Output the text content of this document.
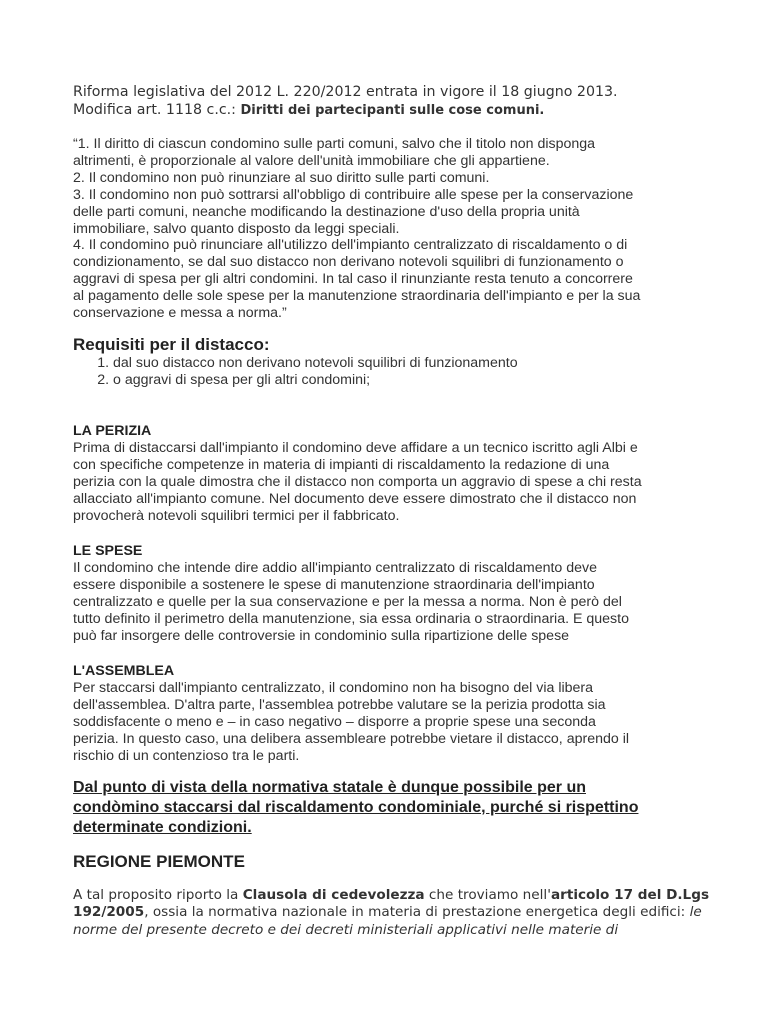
Riforma legislativa del 2012 L. 220/2012 entrata in vigore il 18 giugno 2013.
Modifica art. 1118 c.c.: Diritti dei partecipanti sulle cose comuni.
“1. Il diritto di ciascun condomino sulle parti comuni, salvo che il titolo non disponga
altrimenti, è proporzionale al valore dell'unità immobiliare che gli appartiene.
2. Il condomino non può rinunziare al suo diritto sulle parti comuni.
3. Il condomino non può sottrarsi all'obbligo di contribuire alle spese per la conservazione
delle parti comuni, neanche modificando la destinazione d'uso della propria unità
immobiliare, salvo quanto disposto da leggi speciali.
4. Il condomino può rinunciare all'utilizzo dell'impianto centralizzato di riscaldamento o di
condizionamento, se dal suo distacco non derivano notevoli squilibri di funzionamento o
aggravi di spesa per gli altri condomini. In tal caso il rinunziante resta tenuto a concorrere
al pagamento delle sole spese per la manutenzione straordinaria dell'impianto e per la sua
conservazione e messa a norma.”
Requisiti per il distacco:
1. dal suo distacco non derivano notevoli squilibri di funzionamento
2. o aggravi di spesa per gli altri condomini;
LA PERIZIA
Prima di distaccarsi dall'impianto il condomino deve affidare a un tecnico iscritto agli Albi e
con specifiche competenze in materia di impianti di riscaldamento la redazione di una
perizia con la quale dimostra che il distacco non comporta un aggravio di spese a chi resta
allacciato all'impianto comune. Nel documento deve essere dimostrato che il distacco non
provocherà notevoli squilibri termici per il fabbricato.
LE SPESE
Il condomino che intende dire addio all'impianto centralizzato di riscaldamento deve
essere disponibile a sostenere le spese di manutenzione straordinaria dell'impianto
centralizzato e quelle per la sua conservazione e per la messa a norma. Non è però del
tutto definito il perimetro della manutenzione, sia essa ordinaria o straordinaria. E questo
può far insorgere delle controversie in condominio sulla ripartizione delle spese
L'ASSEMBLEA
Per staccarsi dall'impianto centralizzato, il condomino non ha bisogno del via libera
dell'assemblea. D'altra parte, l'assemblea potrebbe valutare se la perizia prodotta sia
soddisfacente o meno e – in caso negativo – disporre a proprie spese una seconda
perizia. In questo caso, una delibera assembleare potrebbe vietare il distacco, aprendo il
rischio di un contenzioso tra le parti.
Dal punto di vista della normativa statale è dunque possibile per un
condòmino staccarsi dal riscaldamento condominiale, purché si rispettino
determinate condizioni.
REGIONE PIEMONTE
A tal proposito riporto la Clausola di cedevolezza che troviamo nell'articolo 17 del D.Lgs
192/2005, ossia la normativa nazionale in materia di prestazione energetica degli edifici: le
norme del presente decreto e dei decreti ministeriali applicativi nelle materie di
